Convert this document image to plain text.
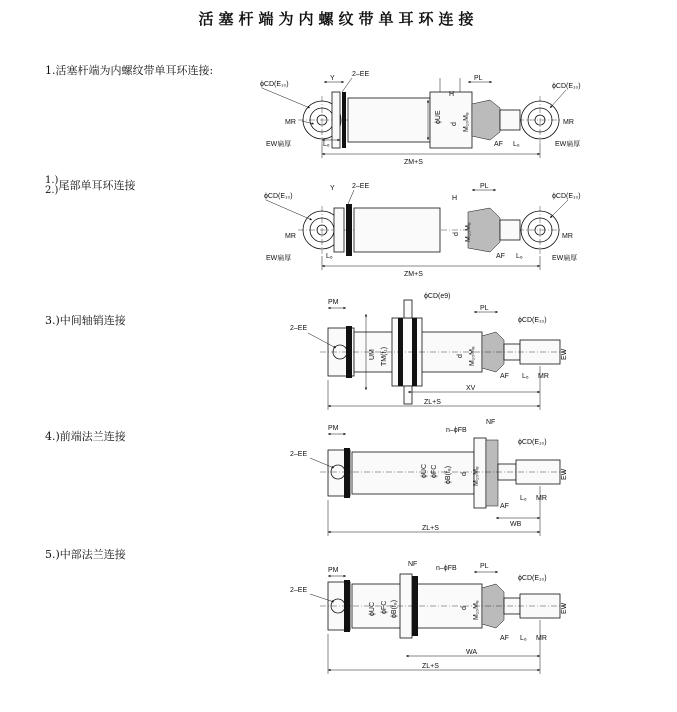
活塞杆端为内螺纹带单耳环连接
1.活塞杆端为内螺纹带单耳环连接:
1.)
2.)尾部单耳环连接
3.)中间轴销连接
4.)前端法兰连接
5.)中部法兰连接
ϕCD(E₁₀)
Y
2–EE
MR
EW扁厚	L₆
ZM+S
PL
H
d M₁₀M₈
ϕUE
AF L₆
ϕCD(E₁₀)
MR
EW扁厚
ϕCD(E₁₀)
Y 2–EE
MR
EW扁厚	L₆
ZM+S
PL
H
d M₁₀M₈
AF L₆
ϕCD(E₁₀)
MR
EW扁厚
PM
2–EE
ϕCD(e9)
UM TM(f₁)
PL
d M₁₀M₈
AF L₆ MR
ϕCD(E₁₀)
EW
XV
ZL+S
PM
2–EE
n–ϕFB
NF
ϕUC ϕFC ϕB(f₈) d M₁₀M₈
ϕCD(E₁₀)
EW
AF
L₆ MR
WB
ZL+S
PM
2–EE
NF
n–ϕFB
ϕUC ϕFC ϕB(f₈)	d M₁₀M₈
PL
ϕCD(E₁₀)
EW
AF L₆ MR
WA
ZL+S
